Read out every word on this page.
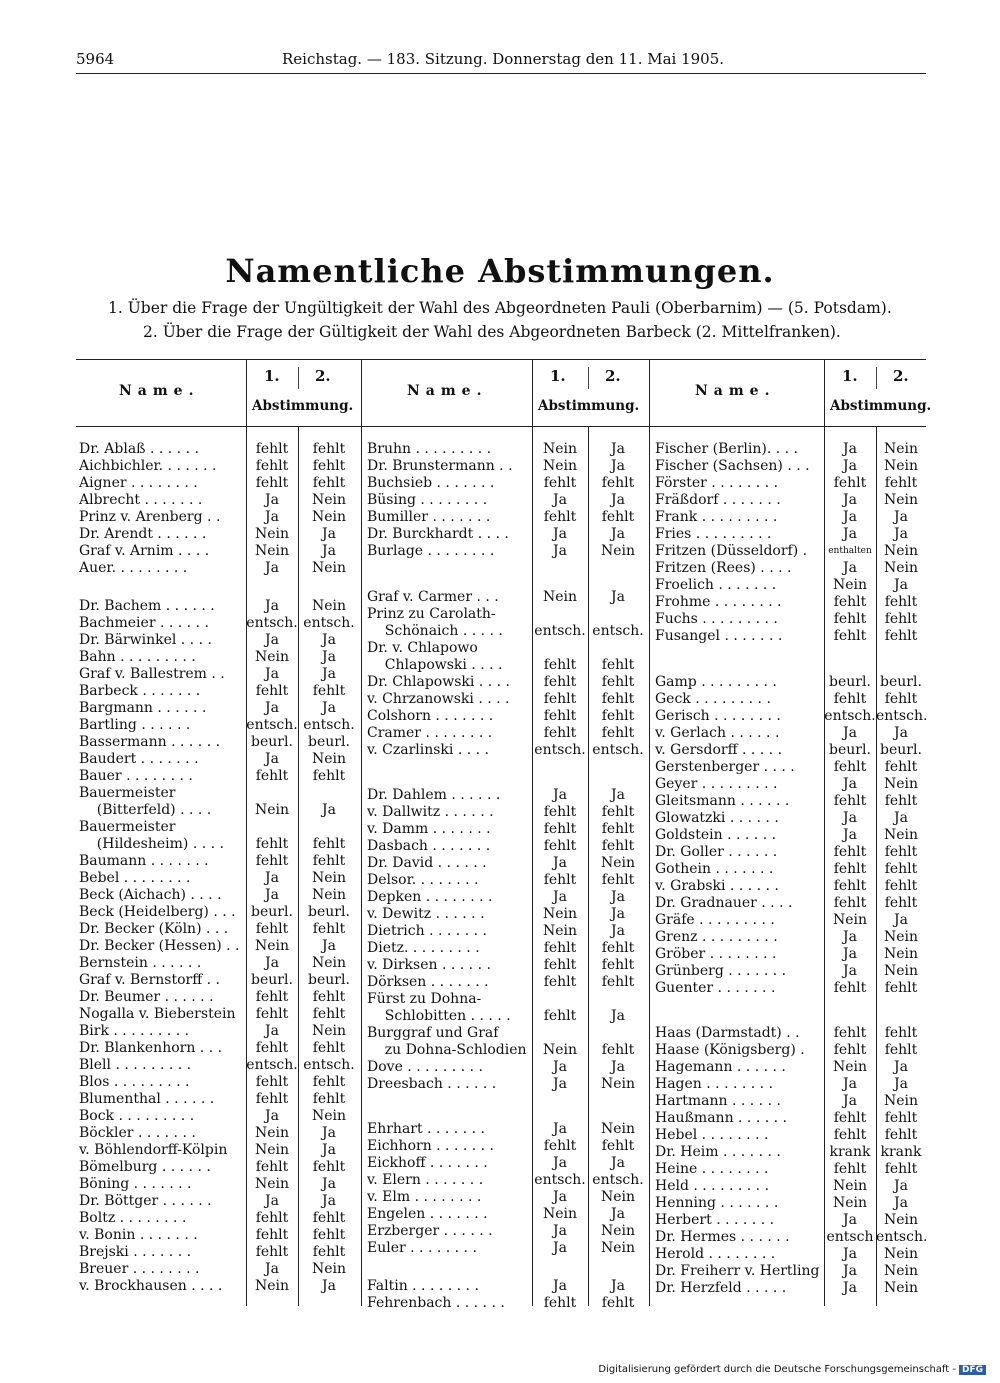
5964	Reichstag. — 183. Sitzung. Donnerstag den 11. Mai 1905.
Namentliche Abstimmungen.
1. Über die Frage der Ungültigkeit der Wahl des Abgeordneten Pauli (Oberbarnim) — (5. Potsdam).
2. Über die Frage der Gültigkeit der Wahl des Abgeordneten Barbeck (2. Mittelfranken).
Name.
1. 2.
Abstimmung.
Dr. Ablaß . . . . . .	fehlt	fehlt
Aichbichler. . . . . . .	fehlt	fehlt
Aigner . . . . . . . .	fehlt	fehlt
Albrecht . . . . . . .	Ja	Nein
Prinz v. Arenberg . .	Ja	Nein
Dr. Arendt . . . . . .	Nein	Ja
Graf v. Arnim . . . .	Nein	Ja
Auer. . . . . . . . .	Ja	Nein
Dr. Bachem . . . . . .	Ja	Nein
Bachmeier . . . . . .	entsch. entsch.
Dr. Bärwinkel . . . .	Ja	Ja
Bahn . . . . . . . . .	Nein	Ja
Graf v. Ballestrem . .	Ja	Ja
Barbeck . . . . . . .	fehlt	fehlt
Bargmann . . . . . .	Ja	Ja
Bartling . . . . . .	entsch. entsch.
Bassermann . . . . . .	beurl.	beurl.
Baudert . . . . . . .	Ja	Nein
Bauer . . . . . . . .	fehlt	fehlt
Bauermeister
(Bitterfeld) . . . .	Nein	Ja
Bauermeister
(Hildesheim) . . . .	fehlt	fehlt
Baumann . . . . . . .	fehlt	fehlt
Bebel . . . . . . . .	Ja	Nein
Beck (Aichach) . . . .	Ja	Nein
Beck (Heidelberg) . . .	beurl.	beurl.
Dr. Becker (Köln) . . .	fehlt	fehlt
Dr. Becker (Hessen) . .	Nein	Ja
Bernstein . . . . . .	Ja	Nein
Graf v. Bernstorff . .	beurl.	beurl.
Dr. Beumer . . . . . .	fehlt	fehlt
Nogalla v. Bieberstein	fehlt	fehlt
Birk . . . . . . . . .	Ja	Nein
Dr. Blankenhorn . . .	fehlt	fehlt
Blell . . . . . . . . .	entsch. entsch.
Blos . . . . . . . . .	fehlt	fehlt
Blumenthal . . . . . .	fehlt	fehlt
Bock . . . . . . . . .	Ja	Nein
Böckler . . . . . . .	Nein	Ja
v. Böhlendorff-Kölpin	Nein	Ja
Bömelburg . . . . . .	fehlt	fehlt
Böning . . . . . . .	Nein	Ja
Dr. Böttger . . . . . .	Ja	Ja
Boltz . . . . . . . .	fehlt	fehlt
v. Bonin . . . . . . .	fehlt	fehlt
Brejski . . . . . . .	fehlt	fehlt
Breuer . . . . . . . .	Ja	Nein
v. Brockhausen . . . .	Nein	Ja
Name.
1.	2.
Abstimmung.
Bruhn . . . . . . . . .	Nein	Ja
Dr. Brunstermann . .	Nein	Ja
Buchsieb . . . . . . .	fehlt	fehlt
Büsing . . . . . . . .	Ja	Ja
Bumiller . . . . . . .	fehlt	fehlt
Dr. Burckhardt . . . .	Ja	Ja
Burlage . . . . . . . .	Ja	Nein
Graf v. Carmer . . .	Nein	Ja
Prinz zu Carolath-
Schönaich . . . . .	entsch. entsch.
Dr. v. Chlapowo
Chlapowski . . . .	fehlt	fehlt
Dr. Chlapowski . . . .	fehlt	fehlt
v. Chrzanowski . . . .	fehlt	fehlt
Colshorn . . . . . . .	fehlt	fehlt
Cramer . . . . . . . .	fehlt	fehlt
v. Czarlinski . . . .	entsch. entsch.
Dr. Dahlem . . . . . .	Ja	Ja
v. Dallwitz . . . . . .	fehlt	fehlt
v. Damm . . . . . . .	fehlt	fehlt
Dasbach . . . . . . .	fehlt	fehlt
Dr. David . . . . . .	Ja	Nein
Delsor. . . . . . . .	fehlt	fehlt
Depken . . . . . . . .	Ja	Ja
v. Dewitz . . . . . .	Nein	Ja
Dietrich . . . . . . .	Nein	Ja
Dietz. . . . . . . . .	fehlt	fehlt
v. Dirksen . . . . . .	fehlt	fehlt
Dörksen . . . . . . .	fehlt	fehlt
Fürst zu Dohna-
Schlobitten . . . . .	fehlt	Ja
Burggraf und Graf
zu Dohna-Schlodien	Nein	fehlt
Dove . . . . . . . . .	Ja	Ja
Dreesbach . . . . . .	Ja	Nein
Ehrhart . . . . . . .	Ja	Nein
Eichhorn . . . . . . .	fehlt	fehlt
Eickhoff . . . . . . .	Ja	Ja
v. Elern . . . . . . .	entsch. entsch.
v. Elm . . . . . . . .	Ja	Nein
Engelen . . . . . . .	Nein	Ja
Erzberger . . . . . .	Ja	Nein
Euler . . . . . . . .	Ja	Nein
Faltin . . . . . . . .	Ja	Ja
Fehrenbach . . . . . .	fehlt	fehlt
Name.
1. 2.
Abstimmung.
Fischer (Berlin). . . .	Ja	Nein
Fischer (Sachsen) . . .	Ja	Nein
Förster . . . . . . . .	fehlt	fehlt
Fräßdorf . . . . . . .	Ja	Nein
Frank . . . . . . . . .	Ja	Ja
Fries . . . . . . . . .	Ja	Ja
Fritzen (Düsseldorf) .	enthalten Nein
Fritzen (Rees) . . . .	Ja	Nein
Froelich . . . . . . .	Nein	Ja
Frohme . . . . . . . .	fehlt	fehlt
Fuchs . . . . . . . . .	fehlt	fehlt
Fusangel . . . . . . .	fehlt	fehlt
Gamp . . . . . . . . .	beurl. beurl.
Geck . . . . . . . . .	fehlt	fehlt
Gerisch . . . . . . . .	entsch. entsch.
v. Gerlach . . . . . .	Ja	Ja
v. Gersdorff . . . . .	beurl. beurl.
Gerstenberger . . . .	fehlt	fehlt
Geyer . . . . . . . . .	Ja	Nein
Gleitsmann . . . . . .	fehlt	fehlt
Glowatzki . . . . . .	Ja	Ja
Goldstein . . . . . .	Ja	Nein
Dr. Goller . . . . . .	fehlt	fehlt
Gothein . . . . . . .	fehlt	fehlt
v. Grabski . . . . . .	fehlt	fehlt
Dr. Gradnauer . . . .	fehlt	fehlt
Gräfe . . . . . . . . .	Nein	Ja
Grenz . . . . . . . . .	Ja	Nein
Gröber . . . . . . . .	Ja	Nein
Grünberg . . . . . . .	Ja	Nein
Guenter . . . . . . .	fehlt	fehlt
Haas (Darmstadt) . .	fehlt	fehlt
Haase (Königsberg) .	fehlt	fehlt
Hagemann . . . . . .	Nein	Ja
Hagen . . . . . . . .	Ja	Ja
Hartmann . . . . . .	Ja	Nein
Haußmann . . . . . .	fehlt	fehlt
Hebel . . . . . . . .	fehlt	fehlt
Dr. Heim . . . . . . .	krank krank
Heine . . . . . . . .	fehlt	fehlt
Held . . . . . . . . .	Nein	Ja
Henning . . . . . . .	Nein	Ja
Herbert . . . . . . .	Ja	Nein
Dr. Hermes . . . . . .	entsch entsch.
Herold . . . . . . . .	Ja	Nein
Dr. Freiherr v. Hertling	Ja	Nein
Dr. Herzfeld . . . . .	Ja	Nein
Digitalisierung gefördert durch die Deutsche Forschungsgemeinschaft - DFG
